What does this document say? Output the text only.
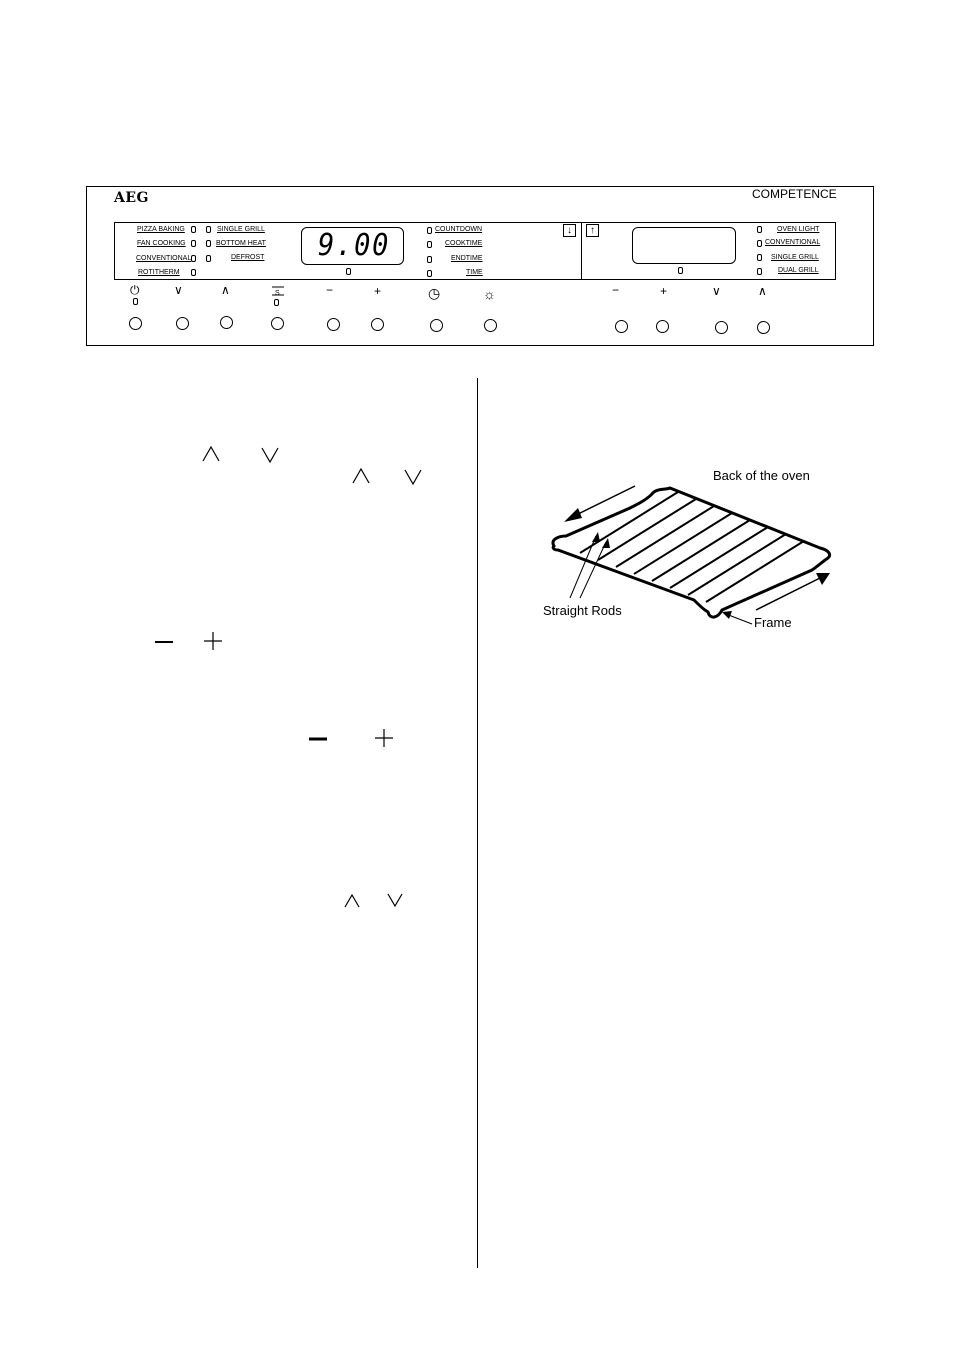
AEG	COMPETENCE
PIZZA BAKING
FAN COOKING
CONVENTIONAL
ROTITHERM
SINGLE GRILL
BOTTOM HEAT
DEFROST 9.00	COUNTDOWN
COOKTIME
ENDTIME
TIME
↓	↑	OVEN LIGHT
CONVENTIONAL
SINGLE GRILL
DUAL GRILL
⏻	∨	∧	S	−	+	◷	☼	−	+	∨	∧
Back of the oven
Straight Rods
Frame
